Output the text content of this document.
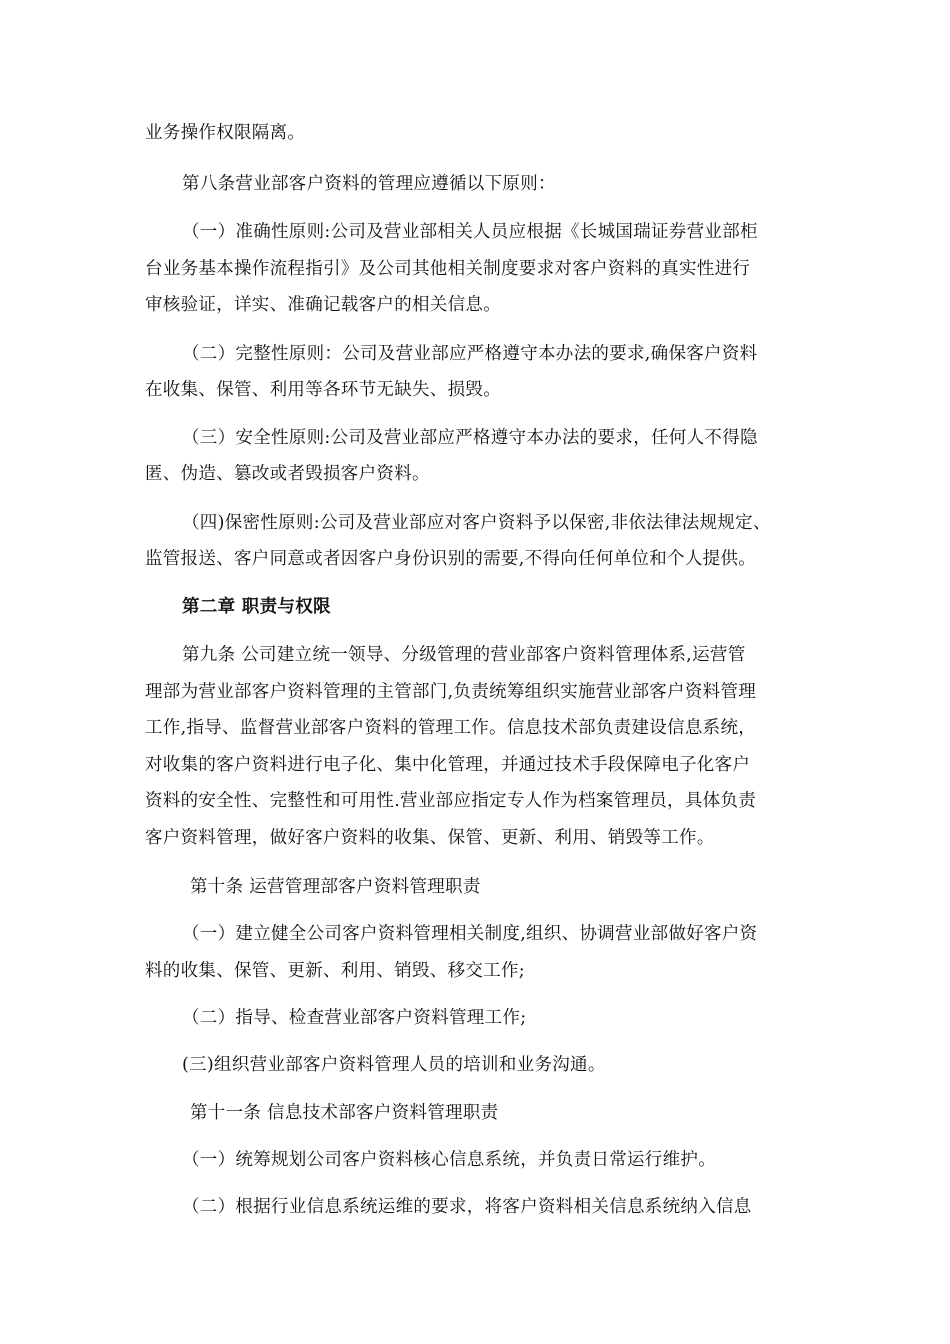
业务操作权限隔离。
第八条营业部客户资料的管理应遵循以下原则：
（一）准确性原则:公司及营业部相关人员应根据《长城国瑞证券营业部柜
台业务基本操作流程指引》及公司其他相关制度要求对客户资料的真实性进行
审核验证，详实、准确记载客户的相关信息。
（二）完整性原则：公司及营业部应严格遵守本办法的要求,确保客户资料
在收集、保管、利用等各环节无缺失、损毁。
（三）安全性原则:公司及营业部应严格遵守本办法的要求，任何人不得隐
匿、伪造、篡改或者毁损客户资料。
（四)保密性原则:公司及营业部应对客户资料予以保密,非依法律法规规定、
监管报送、客户同意或者因客户身份识别的需要,不得向任何单位和个人提供。
第二章 职责与权限
第九条 公司建立统一领导、分级管理的营业部客户资料管理体系,运营管
理部为营业部客户资料管理的主管部门,负责统筹组织实施营业部客户资料管理
工作,指导、监督营业部客户资料的管理工作。信息技术部负责建设信息系统，
对收集的客户资料进行电子化、集中化管理，并通过技术手段保障电子化客户
资料的安全性、完整性和可用性.营业部应指定专人作为档案管理员，具体负责
客户资料管理，做好客户资料的收集、保管、更新、利用、销毁等工作。
第十条 运营管理部客户资料管理职责
（一）建立健全公司客户资料管理相关制度,组织、协调营业部做好客户资
料的收集、保管、更新、利用、销毁、移交工作;
（二）指导、检查营业部客户资料管理工作;
(三)组织营业部客户资料管理人员的培训和业务沟通。
第十一条 信息技术部客户资料管理职责
（一）统筹规划公司客户资料核心信息系统，并负责日常运行维护。
（二）根据行业信息系统运维的要求，将客户资料相关信息系统纳入信息
